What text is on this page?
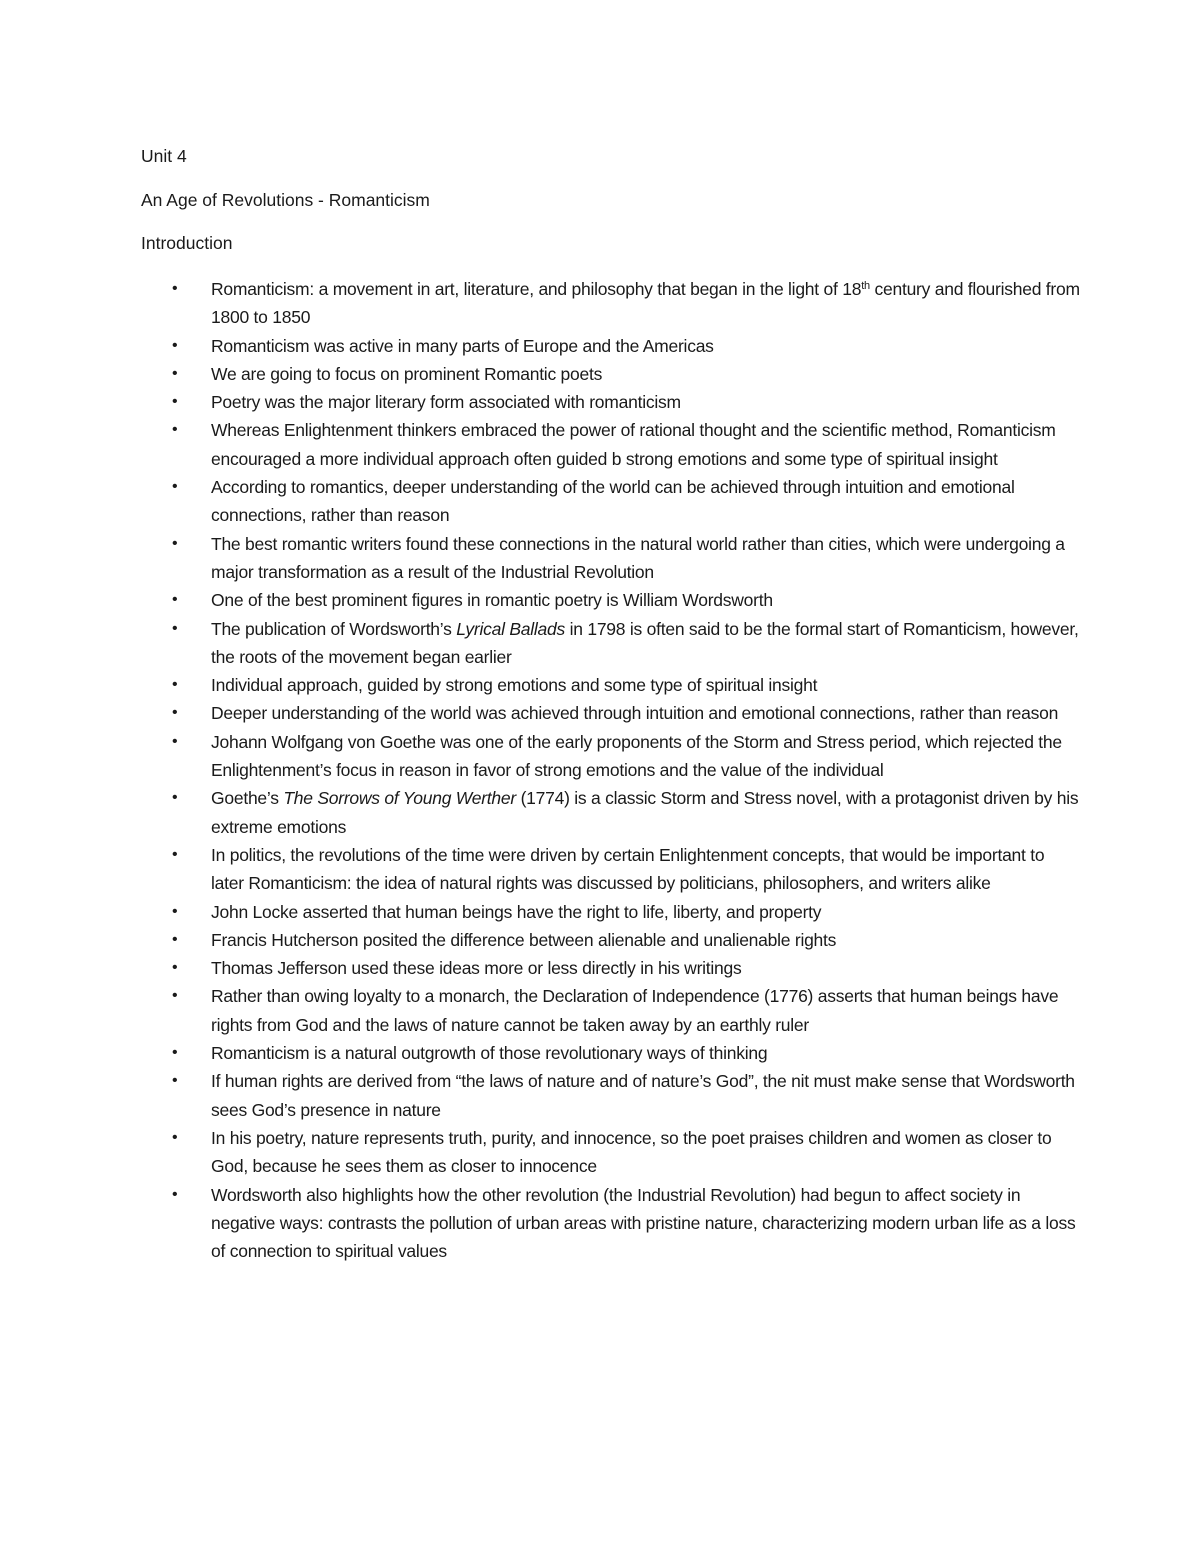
Unit 4

An Age of Revolutions - Romanticism

Introduction

• Romanticism: a movement in art, literature, and philosophy that began in the light of 18th century and flourished from 1800 to 1850
• Romanticism was active in many parts of Europe and the Americas
• We are going to focus on prominent Romantic poets
• Poetry was the major literary form associated with romanticism
• Whereas Enlightenment thinkers embraced the power of rational thought and the scientific method, Romanticism encouraged a more individual approach often guided b strong emotions and some type of spiritual insight
• According to romantics, deeper understanding of the world can be achieved through intuition and emotional connections, rather than reason
• The best romantic writers found these connections in the natural world rather than cities, which were undergoing a major transformation as a result of the Industrial Revolution
• One of the best prominent figures in romantic poetry is William Wordsworth
• The publication of Wordsworth’s Lyrical Ballads in 1798 is often said to be the formal start of Romanticism, however, the roots of the movement began earlier
• Individual approach, guided by strong emotions and some type of spiritual insight
• Deeper understanding of the world was achieved through intuition and emotional connections, rather than reason
• Johann Wolfgang von Goethe was one of the early proponents of the Storm and Stress period, which rejected the Enlightenment’s focus in reason in favor of strong emotions and the value of the individual
• Goethe’s The Sorrows of Young Werther (1774) is a classic Storm and Stress novel, with a protagonist driven by his extreme emotions
• In politics, the revolutions of the time were driven by certain Enlightenment concepts, that would be important to later Romanticism: the idea of natural rights was discussed by politicians, philosophers, and writers alike
• John Locke asserted that human beings have the right to life, liberty, and property
• Francis Hutcherson posited the difference between alienable and unalienable rights
• Thomas Jefferson used these ideas more or less directly in his writings
• Rather than owing loyalty to a monarch, the Declaration of Independence (1776) asserts that human beings have rights from God and the laws of nature cannot be taken away by an earthly ruler
• Romanticism is a natural outgrowth of those revolutionary ways of thinking
• If human rights are derived from “the laws of nature and of nature’s God”, the nit must make sense that Wordsworth sees God’s presence in nature
• In his poetry, nature represents truth, purity, and innocence, so the poet praises children and women as closer to God, because he sees them as closer to innocence
• Wordsworth also highlights how the other revolution (the Industrial Revolution) had begun to affect society in negative ways: contrasts the pollution of urban areas with pristine nature, characterizing modern urban life as a loss of connection to spiritual values
